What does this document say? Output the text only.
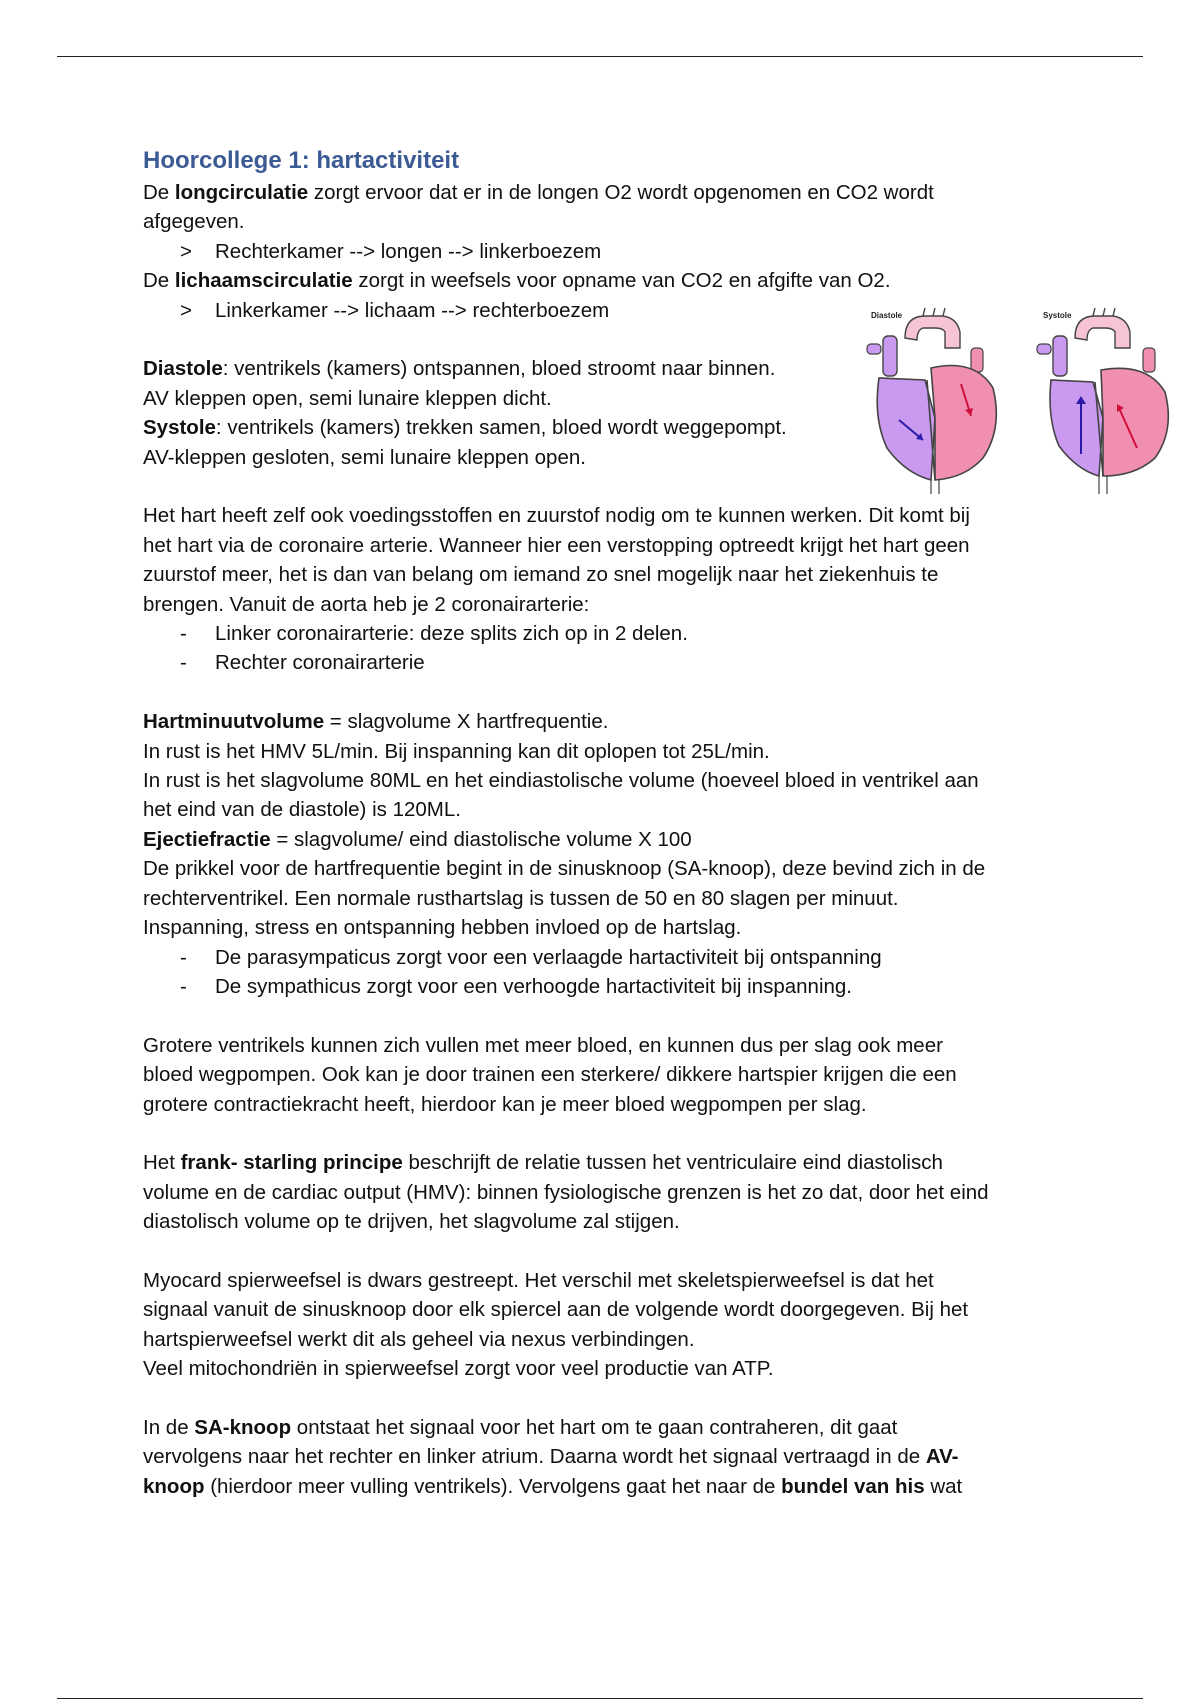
Hoorcollege 1: hartactiviteit

De longcirculatie zorgt ervoor dat er in de longen O2 wordt opgenomen en CO2 wordt

afgegeven.

> Rechterkamer --> longen --> linkerboezem

De lichaamscirculatie zorgt in weefsels voor opname van CO2 en afgifte van O2.

> Linkerkamer --> lichaam --> rechterboezem

Diastole: ventrikels (kamers) ontspannen, bloed stroomt naar binnen.

AV kleppen open, semi lunaire kleppen dicht.

Systole: ventrikels (kamers) trekken samen, bloed wordt weggepompt.

AV-kleppen gesloten, semi lunaire kleppen open.

Het hart heeft zelf ook voedingsstoffen en zuurstof nodig om te kunnen werken. Dit komt bij

het hart via de coronaire arterie. Wanneer hier een verstopping optreedt krijgt het hart geen

zuurstof meer, het is dan van belang om iemand zo snel mogelijk naar het ziekenhuis te

brengen. Vanuit de aorta heb je 2 coronairarterie:

- Linker coronairarterie: deze splits zich op in 2 delen.

- Rechter coronairarterie

Hartminuutvolume = slagvolume X hartfrequentie.

In rust is het HMV 5L/min. Bij inspanning kan dit oplopen tot 25L/min.

In rust is het slagvolume 80ML en het eindiastolische volume (hoeveel bloed in ventrikel aan

het eind van de diastole) is 120ML.

Ejectiefractie = slagvolume/ eind diastolische volume X 100

De prikkel voor de hartfrequentie begint in de sinusknoop (SA-knoop), deze bevind zich in de

rechterventrikel. Een normale rusthartslag is tussen de 50 en 80 slagen per minuut.

Inspanning, stress en ontspanning hebben invloed op de hartslag.

- De parasympaticus zorgt voor een verlaagde hartactiviteit bij ontspanning

- De sympathicus zorgt voor een verhoogde hartactiviteit bij inspanning.

Grotere ventrikels kunnen zich vullen met meer bloed, en kunnen dus per slag ook meer

bloed wegpompen. Ook kan je door trainen een sterkere/ dikkere hartspier krijgen die een

grotere contractiekracht heeft, hierdoor kan je meer bloed wegpompen per slag.

Het frank- starling principe beschrijft de relatie tussen het ventriculaire eind diastolisch

volume en de cardiac output (HMV): binnen fysiologische grenzen is het zo dat, door het eind

diastolisch volume op te drijven, het slagvolume zal stijgen.

Myocard spierweefsel is dwars gestreept. Het verschil met skeletspierweefsel is dat het

signaal vanuit de sinusknoop door elk spiercel aan de volgende wordt doorgegeven. Bij het

hartspierweefsel werkt dit als geheel via nexus verbindingen.

Veel mitochondriën in spierweefsel zorgt voor veel productie van ATP.

In de SA-knoop ontstaat het signaal voor het hart om te gaan contraheren, dit gaat

vervolgens naar het rechter en linker atrium. Daarna wordt het signaal vertraagd in de AV-

knoop (hierdoor meer vulling ventrikels). Vervolgens gaat het naar de bundel van his wat

Diastole	Systole
